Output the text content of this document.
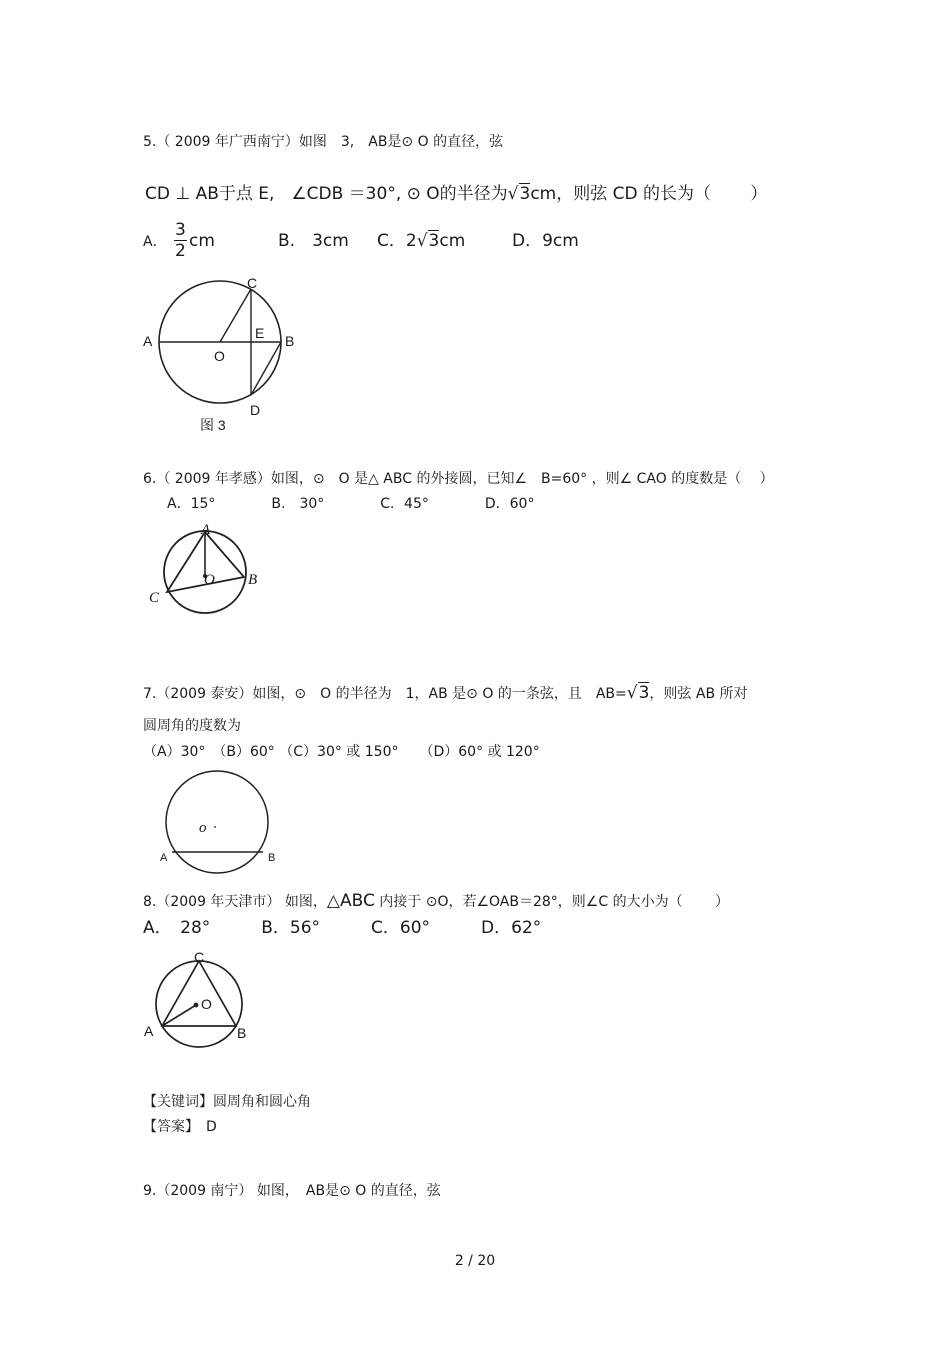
5.（ 2009 年广西南宁）如图　3,　AB是⊙ O 的直径，弦
CD ⊥ AB于点 E,　∠CDB ＝30°, ⊙ O的半径为√3cm，则弦 CD 的长为（　　 ）
A． $\frac{3}{2}$ cm	B.　3cm C．2√3cm	D．9cm
A	B
C
D
E
O
图 3
6.（ 2009 年孝感）如图，⊙　O 是△ ABC 的外接圆，已知∠　B=60° ，则∠ CAO 的度数是（　 ）
A．15°　　　　B.　30°　　　　C．45°　　　　D．60°
A
B
C
O
7.（2009 泰安）如图，⊙　O 的半径为　1，AB 是⊙ O 的一条弦，且　AB=√3，则弦 AB 所对
圆周角的度数为
（A）30°　（B）60° （C）30° 或 150°　　（D）60° 或 120°
o
A	B
8.（2009 年天津市） 如图，△ABC 内接于 ⊙O，若∠OAB＝28°，则∠C 的大小为（　　 ）
A．　28°　　　B．56°　　　C．60°　　　D．62°
C
O
A	B
【关键词】圆周角和圆心角
【答案】　D
9.（2009 南宁） 如图，　AB是⊙ O 的直径，弦
2 / 20
